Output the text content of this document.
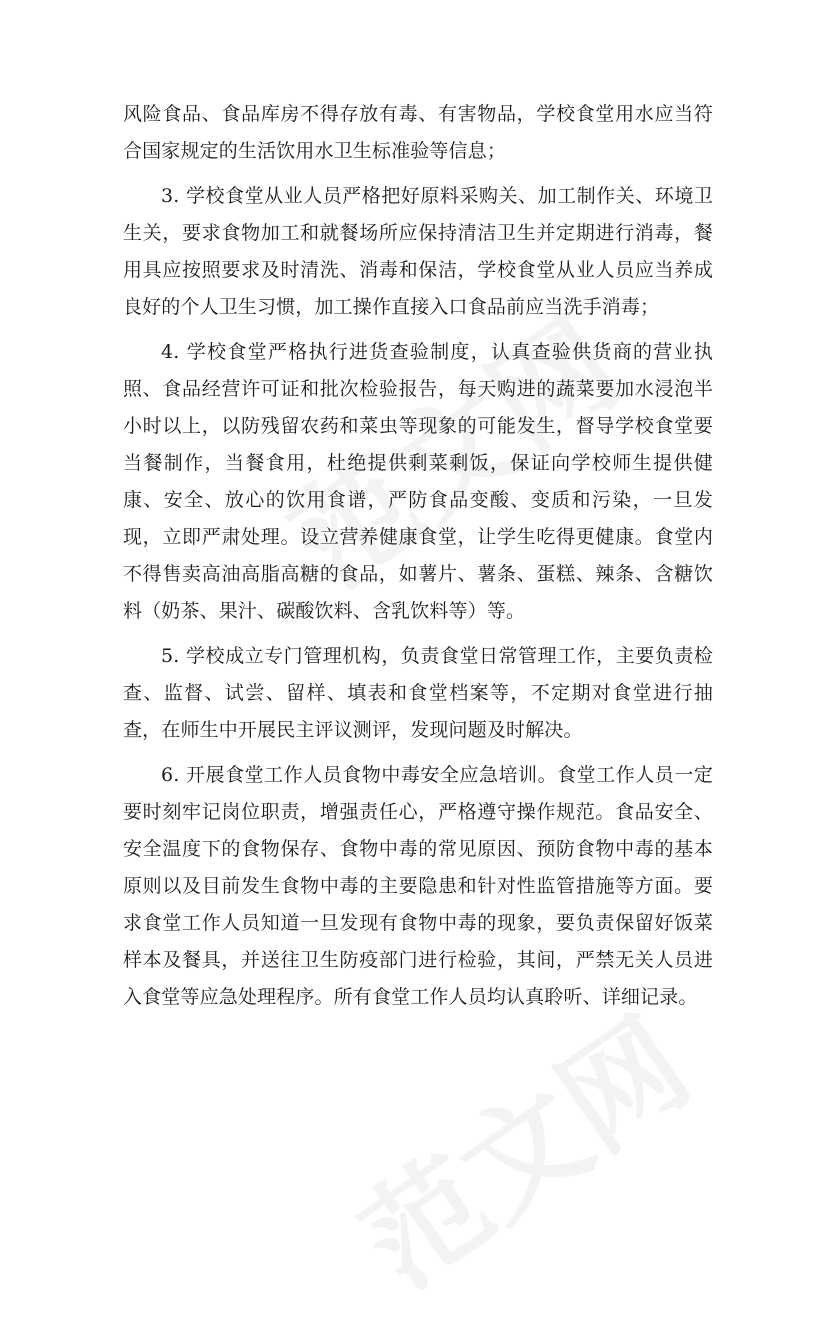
风险食品、食品库房不得存放有毒、有害物品，学校食堂用水应当符合国家规定的生活饮用水卫生标准验等信息；

3. 学校食堂从业人员严格把好原料采购关、加工制作关、环境卫生关，要求食物加工和就餐场所应保持清洁卫生并定期进行消毒，餐用具应按照要求及时清洗、消毒和保洁，学校食堂从业人员应当养成良好的个人卫生习惯，加工操作直接入口食品前应当洗手消毒；

4. 学校食堂严格执行进货查验制度，认真查验供货商的营业执照、食品经营许可证和批次检验报告，每天购进的蔬菜要加水浸泡半小时以上，以防残留农药和菜虫等现象的可能发生，督导学校食堂要当餐制作，当餐食用，杜绝提供剩菜剩饭，保证向学校师生提供健康、安全、放心的饮用食谱，严防食品变酸、变质和污染，一旦发现，立即严肃处理。设立营养健康食堂，让学生吃得更健康。食堂内不得售卖高油高脂高糖的食品，如薯片、薯条、蛋糕、辣条、含糖饮料（奶茶、果汁、碳酸饮料、含乳饮料等）等。

5. 学校成立专门管理机构，负责食堂日常管理工作，主要负责检查、监督、试尝、留样、填表和食堂档案等，不定期对食堂进行抽查，在师生中开展民主评议测评，发现问题及时解决。

6. 开展食堂工作人员食物中毒安全应急培训。食堂工作人员一定要时刻牢记岗位职责，增强责任心，严格遵守操作规范。食品安全、安全温度下的食物保存、食物中毒的常见原因、预防食物中毒的基本原则以及目前发生食物中毒的主要隐患和针对性监管措施等方面。要求食堂工作人员知道一旦发现有食物中毒的现象，要负责保留好饭菜样本及餐具，并送往卫生防疫部门进行检验，其间，严禁无关人员进入食堂等应急处理程序。所有食堂工作人员均认真聆听、详细记录。
